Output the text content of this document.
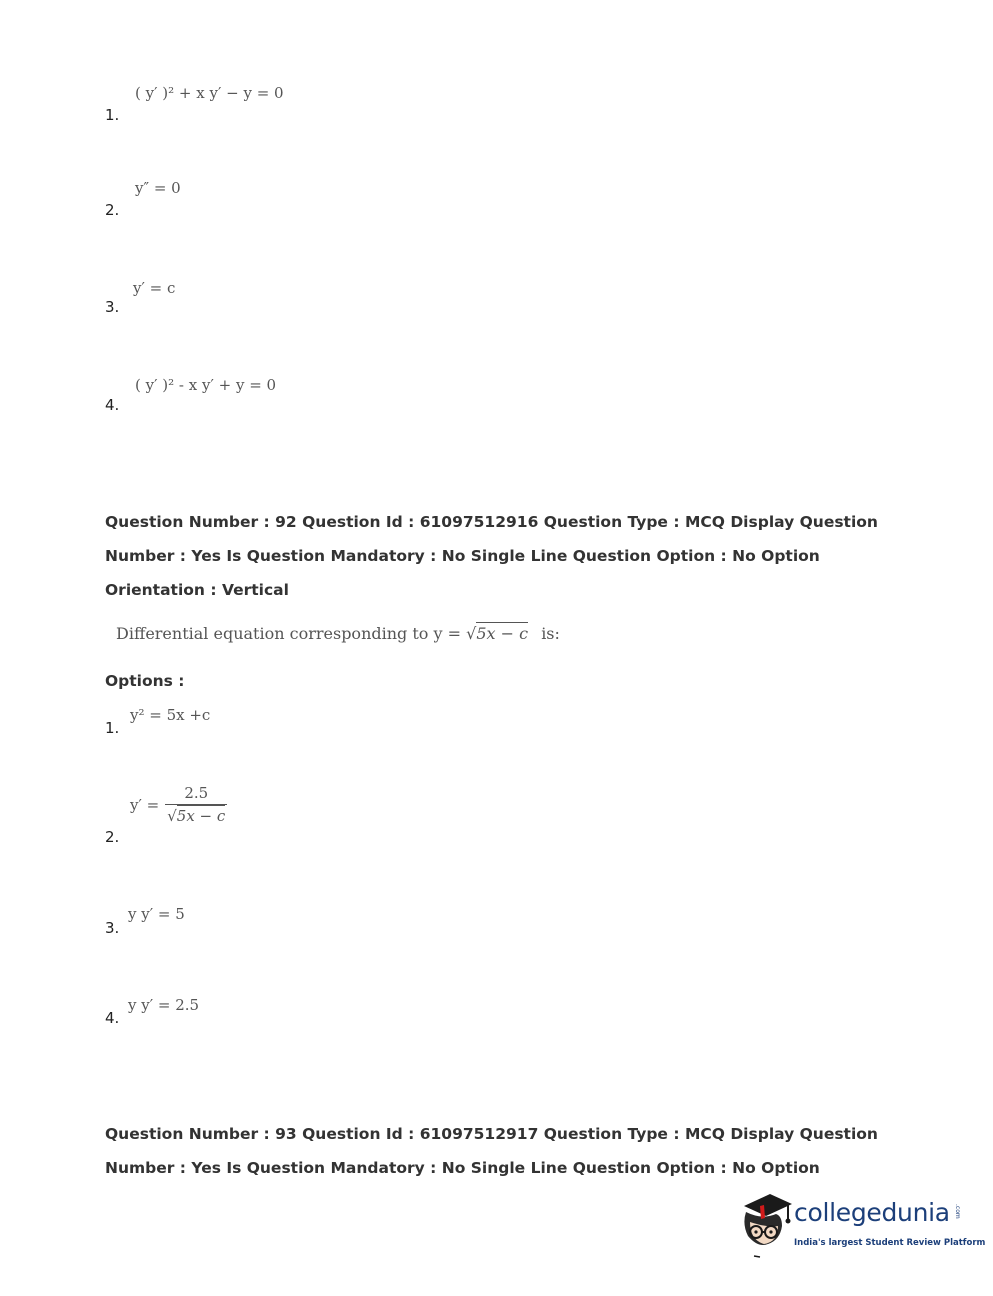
( y′ )² + x y′ − y = 0
1.
y″ = 0
2.
y′ = c
3.
( y′ )² - x y′ + y = 0
4.
Question Number : 92 Question Id : 61097512916 Question Type : MCQ Display Question
Number : Yes Is Question Mandatory : No Single Line Question Option : No Option
Orientation : Vertical
Differential equation corresponding to y = √5x − c is:
Options :
y² = 5x +c
1.
$y' = \frac{2.5}{√5x - c}$
2.
y y′ = 5
3.
y y′ = 2.5
4.
Question Number : 93 Question Id : 61097512917 Question Type : MCQ Display Question
Number : Yes Is Question Mandatory : No Single Line Question Option : No Option
collegedunia .com
India's largest Student Review Platform
